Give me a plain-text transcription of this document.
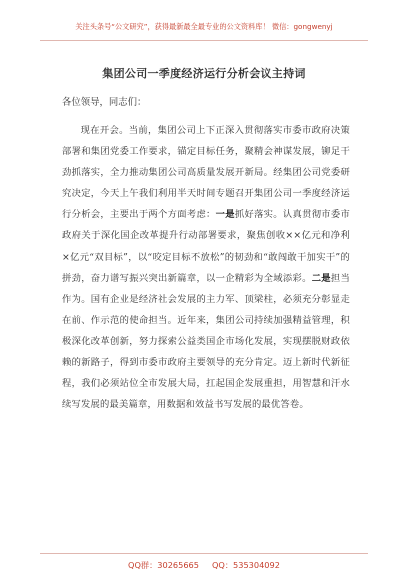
关注头条号“公文研究”，获得最新最全最专业的公文资料库！ 微信：gongwenyj
集团公司一季度经济运行分析会议主持词
各位领导，同志们：

现在开会。当前，集团公司上下正深入贯彻落实市委市政府决策部署和集团党委工作要求，锚定目标任务，聚精会神谋发展，铆足干劲抓落实，全力推动集团公司高质量发展开新局。经集团公司党委研究决定，今天上午我们利用半天时间专题召开集团公司一季度经济运行分析会，主要出于两个方面考虑：一是抓好落实。认真贯彻市委市政府关于深化国企改革提升行动部署要求，聚焦创收××亿元和净利×亿元“双目标”，以“咬定目标不放松”的韧劲和“敢闯敢干加实干”的拼劲，奋力谱写振兴突出新篇章，以一企精彩为全域添彩。二是担当作为。国有企业是经济社会发展的主力军、顶梁柱，必须充分彰显走在前、作示范的使命担当。近年来，集团公司持续加强精益管理，积极深化改革创新，努力探索公益类国企市场化发展，实现摆脱财政依赖的新路子，得到市委市政府主要领导的充分肯定。迈上新时代新征程，我们必须站位全市发展大局，扛起国企发展重担，用智慧和汗水续写发展的最美篇章，用数据和效益书写发展的最优答卷。

QQ群：30265665     QQ：535304092
